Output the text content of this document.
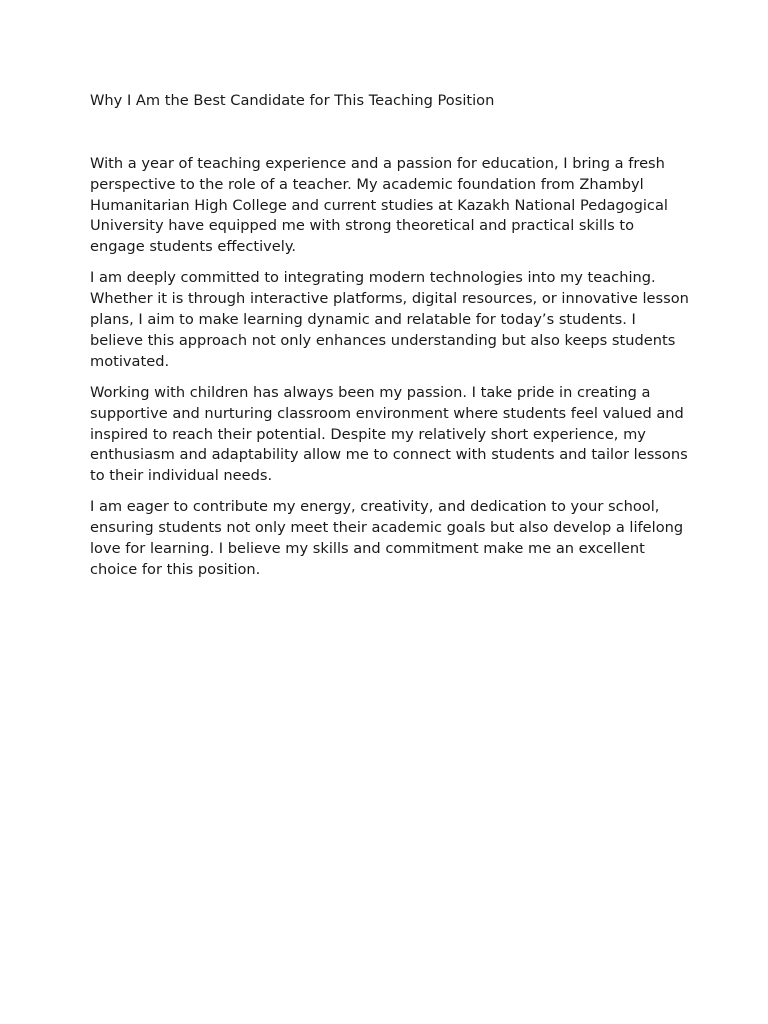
Why I Am the Best Candidate for This Teaching Position

With a year of teaching experience and a passion for education, I bring a fresh perspective to the role of a teacher. My academic foundation from Zhambyl Humanitarian High College and current studies at Kazakh National Pedagogical University have equipped me with strong theoretical and practical skills to engage students effectively.

I am deeply committed to integrating modern technologies into my teaching. Whether it is through interactive platforms, digital resources, or innovative lesson plans, I aim to make learning dynamic and relatable for today’s students. I believe this approach not only enhances understanding but also keeps students motivated.

Working with children has always been my passion. I take pride in creating a supportive and nurturing classroom environment where students feel valued and inspired to reach their potential. Despite my relatively short experience, my enthusiasm and adaptability allow me to connect with students and tailor lessons to their individual needs.

I am eager to contribute my energy, creativity, and dedication to your school, ensuring students not only meet their academic goals but also develop a lifelong love for learning. I believe my skills and commitment make me an excellent choice for this position.
